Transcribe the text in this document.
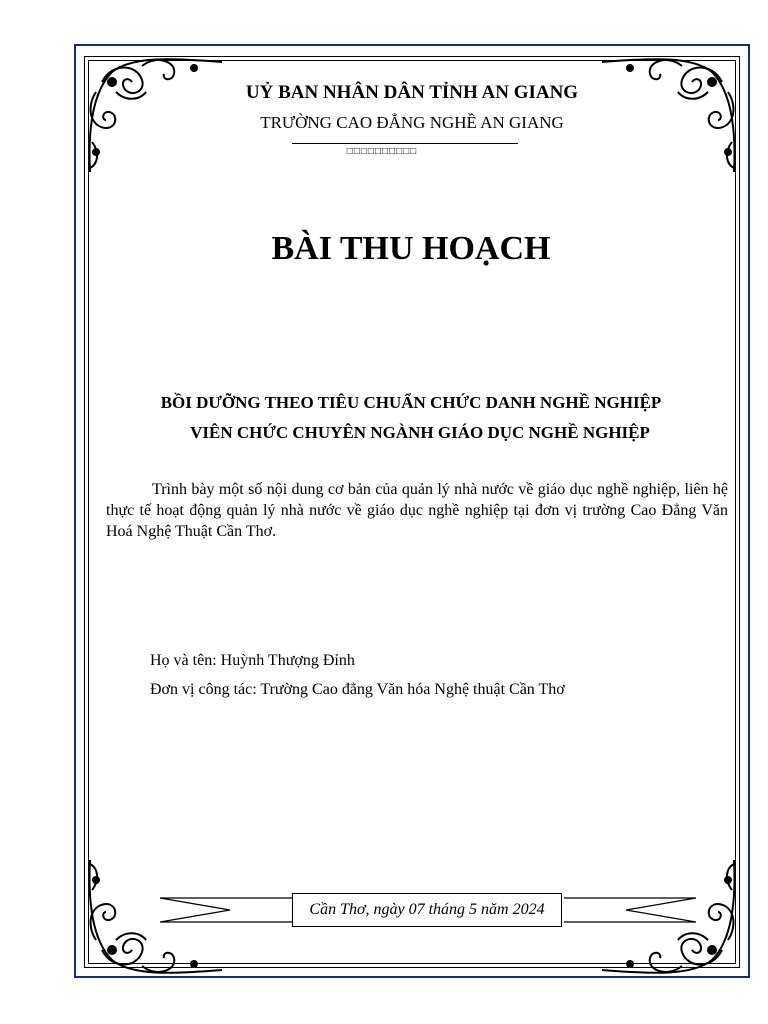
UỶ BAN NHÂN DÂN TỈNH AN GIANG
TRƯỜNG CAO ĐẲNG NGHỀ AN GIANG
□□□□□□□□□□
BÀI THU HOẠCH
BỒI DƯỠNG THEO TIÊU CHUẨN CHỨC DANH NGHỀ NGHIỆP
VIÊN CHỨC CHUYÊN NGÀNH GIÁO DỤC NGHỀ NGHIỆP
Trình bày một số nội dung cơ bản của quản lý nhà nước về giáo dục nghề nghiệp, liên hệ thực tế hoạt động quản lý nhà nước về giáo dục nghề nghiệp tại đơn vị trường Cao Đẳng Văn Hoá Nghệ Thuật Cần Thơ.
Họ và tên: Huỳnh Thượng Đỉnh
Đơn vị công tác: Trường Cao đẳng Văn hóa Nghệ thuật Cần Thơ
Cần Thơ, ngày 07 tháng 5 năm 2024
